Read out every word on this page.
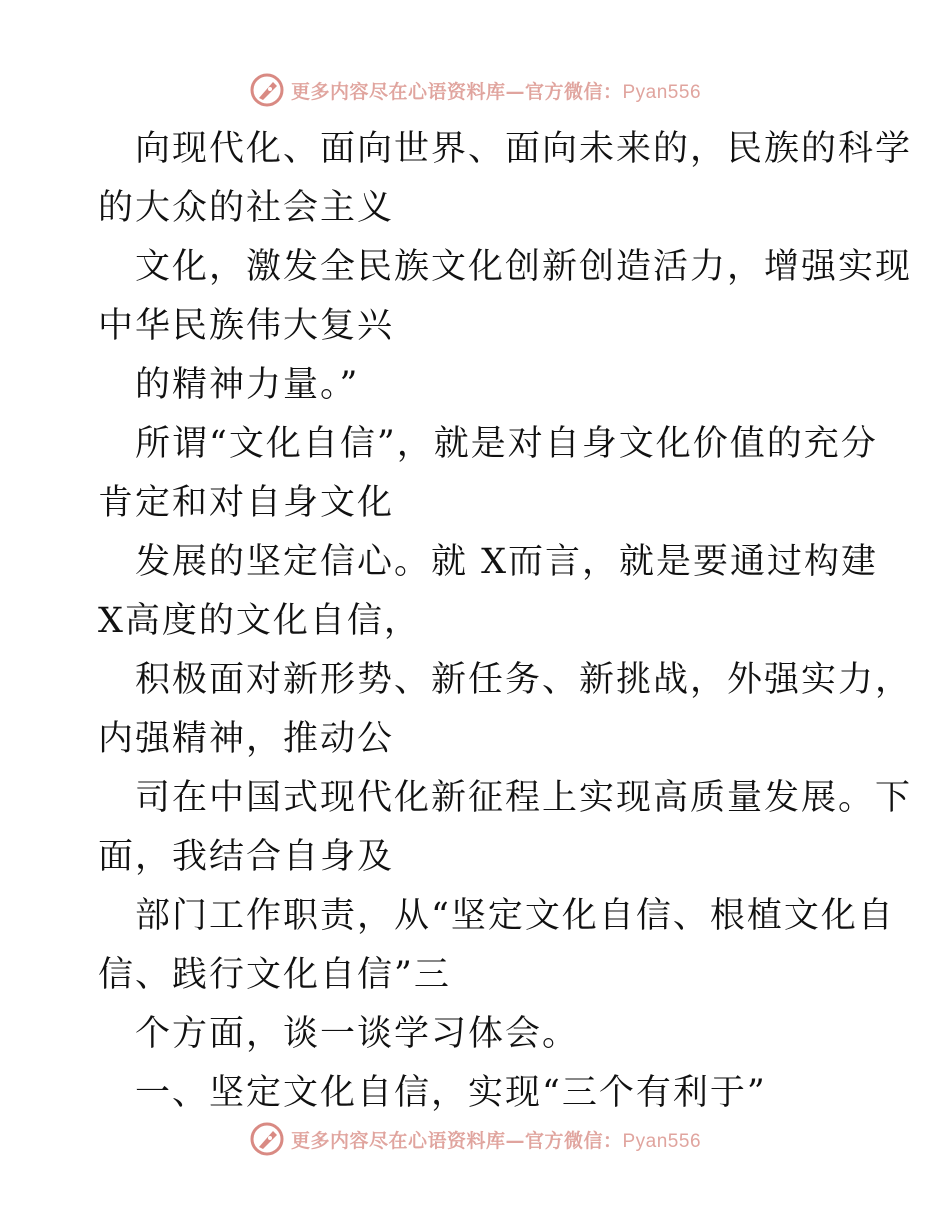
更多内容尽在心语资料库—官方微信：Pyan556
向现代化、面向世界、面向未来的，民族的科学
的大众的社会主义
文化，激发全民族文化创新创造活力，增强实现
中华民族伟大复兴
的精神力量。”
所谓“文化自信”，就是对自身文化价值的充分
肯定和对自身文化
发展的坚定信心。就 X而言，就是要通过构建
X高度的文化自信，
积极面对新形势、新任务、新挑战，外强实力，
内强精神，推动公
司在中国式现代化新征程上实现高质量发展。下
面，我结合自身及
部门工作职责，从“坚定文化自信、根植文化自
信、践行文化自信”三
个方面，谈一谈学习体会。
一、坚定文化自信，实现“三个有利于”
更多内容尽在心语资料库—官方微信：Pyan556
